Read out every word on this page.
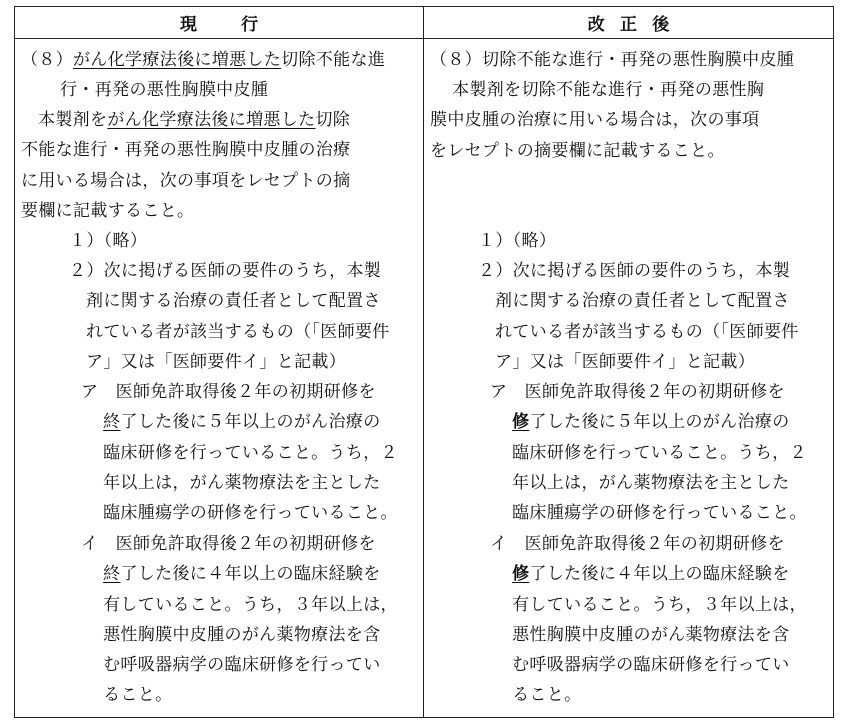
現行	改正後
（８）がん化学療法後に増悪した切除不能な進
行・再発の悪性胸膜中皮腫
本製剤をがん化学療法後に増悪した切除
不能な進行・再発の悪性胸膜中皮腫の治療
に用いる場合は，次の事項をレセプトの摘
要欄に記載すること。
１）（略）
２）次に掲げる医師の要件のうち，本製
剤に関する治療の責任者として配置さ
れている者が該当するもの（「医師要件
ア」又は「医師要件イ」と記載）
ア　医師免許取得後２年の初期研修を
終了した後に５年以上のがん治療の
臨床研修を行っていること。うち，２
年以上は，がん薬物療法を主とした
臨床腫瘍学の研修を行っていること。
イ　医師免許取得後２年の初期研修を
終了した後に４年以上の臨床経験を
有していること。うち，３年以上は，
悪性胸膜中皮腫のがん薬物療法を含
む呼吸器病学の臨床研修を行ってい
ること。
（８）切除不能な進行・再発の悪性胸膜中皮腫
本製剤を切除不能な進行・再発の悪性胸
膜中皮腫の治療に用いる場合は，次の事項
をレセプトの摘要欄に記載すること。
１）（略）
２）次に掲げる医師の要件のうち，本製
剤に関する治療の責任者として配置さ
れている者が該当するもの（「医師要件
ア」又は「医師要件イ」と記載）
ア　医師免許取得後２年の初期研修を
修了した後に５年以上のがん治療の
臨床研修を行っていること。うち，２
年以上は，がん薬物療法を主とした
臨床腫瘍学の研修を行っていること。
イ　医師免許取得後２年の初期研修を
修了した後に４年以上の臨床経験を
有していること。うち，３年以上は，
悪性胸膜中皮腫のがん薬物療法を含
む呼吸器病学の臨床研修を行ってい
ること。
